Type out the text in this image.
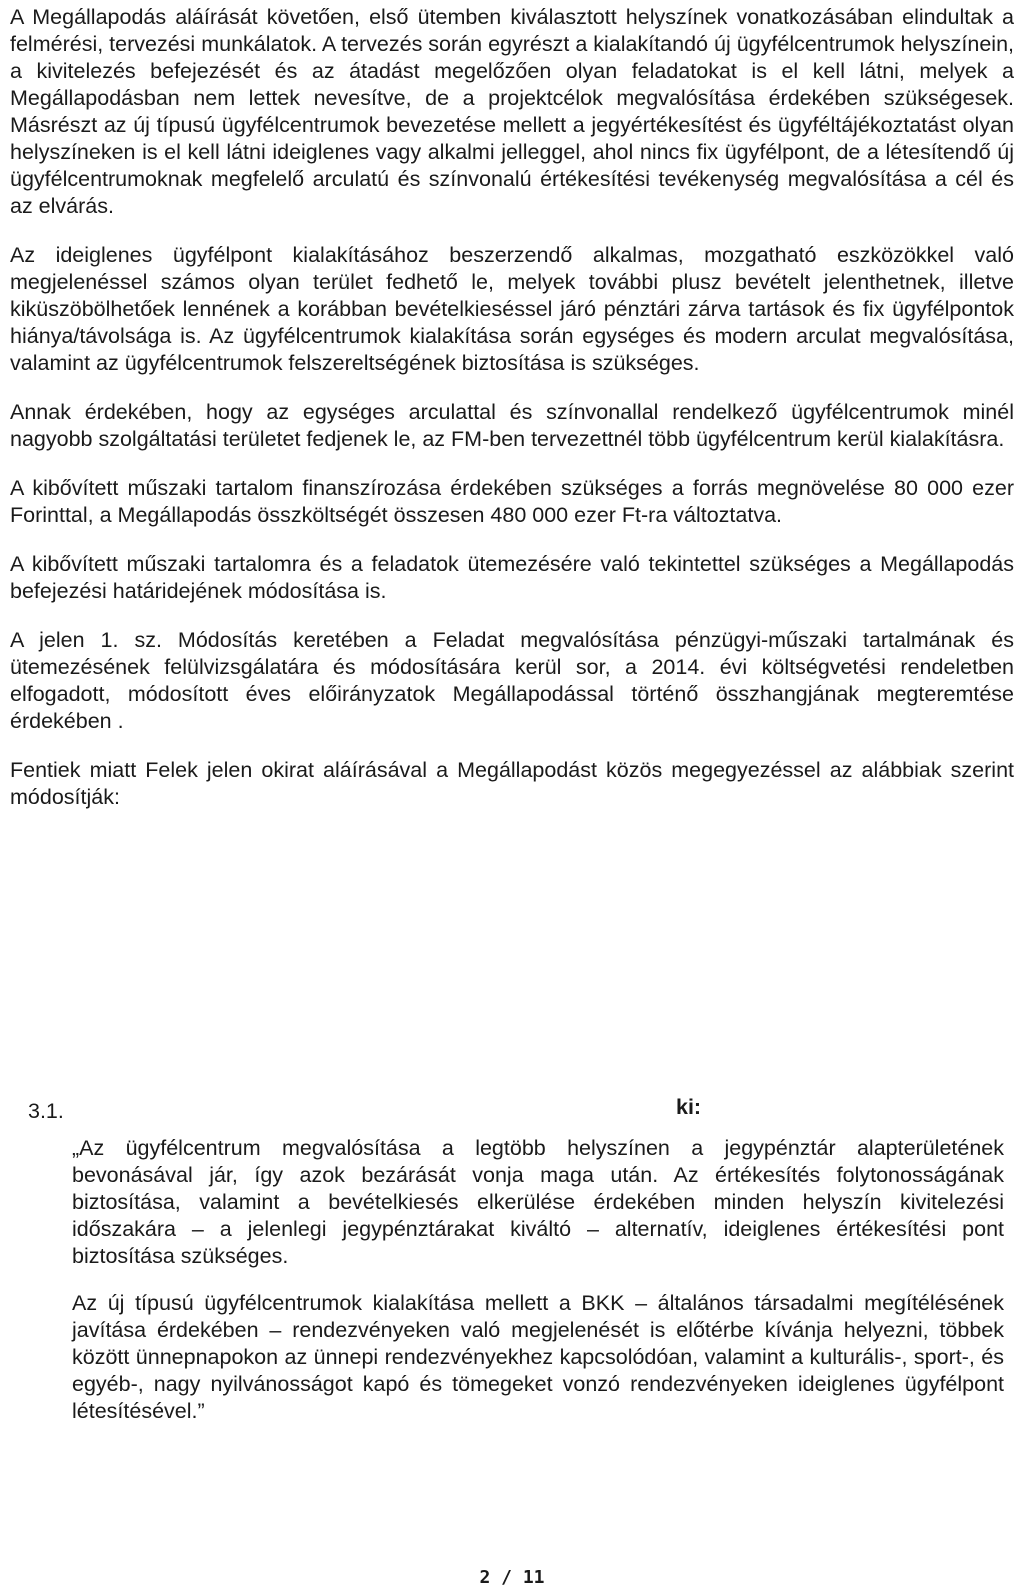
A Megállapodás aláírását követően, első ütemben kiválasztott helyszínek vonatkozásában elindultak a felmérési, tervezési munkálatok. A tervezés során egyrészt a kialakítandó új ügyfélcentrumok helyszínein, a kivitelezés befejezését és az átadást megelőzően olyan feladatokat is el kell látni, melyek a Megállapodásban nem lettek nevesítve, de a projektcélok megvalósítása érdekében szükségesek. Másrészt az új típusú ügyfélcentrumok bevezetése mellett a jegyértékesítést és ügyféltájékoztatást olyan helyszíneken is el kell látni ideiglenes vagy alkalmi jelleggel, ahol nincs fix ügyfélpont, de a létesítendő új ügyfélcentrumoknak megfelelő arculatú és színvonalú értékesítési tevékenység megvalósítása a cél és az elvárás.

Az ideiglenes ügyfélpont kialakításához beszerzendő alkalmas, mozgatható eszközökkel való megjelenéssel számos olyan terület fedhető le, melyek további plusz bevételt jelenthetnek, illetve kiküszöbölhetőek lennének a korábban bevételkieséssel járó pénztári zárva tartások és fix ügyfélpontok hiánya/távolsága is. Az ügyfélcentrumok kialakítása során egységes és modern arculat megvalósítása, valamint az ügyfélcentrumok felszereltségének biztosítása is szükséges.

Annak érdekében, hogy az egységes arculattal és színvonallal rendelkező ügyfélcentrumok minél nagyobb szolgáltatási területet fedjenek le, az FM-ben tervezettnél több ügyfélcentrum kerül kialakításra.

A kibővített műszaki tartalom finanszírozása érdekében szükséges a forrás megnövelése 80 000 ezer Forinttal, a Megállapodás összköltségét összesen 480 000 ezer Ft-ra változtatva.

A kibővített műszaki tartalomra és a feladatok ütemezésére való tekintettel szükséges a Megállapodás befejezési határidejének módosítása is.

A jelen 1. sz. Módosítás keretében a Feladat megvalósítása pénzügyi-műszaki tartalmának és ütemezésének felülvizsgálatára és módosítására kerül sor, a 2014. évi költségvetési rendeletben elfogadott, módosított éves előirányzatok Megállapodással történő összhangjának megteremtése érdekében .

Fentiek miatt Felek jelen okirat aláírásával a Megállapodást közös megegyezéssel az alábbiak szerint módosítják:

3.1.	ki:

„Az ügyfélcentrum megvalósítása a legtöbb helyszínen a jegypénztár alapterületének bevonásával jár, így azok bezárását vonja maga után. Az értékesítés folytonosságának biztosítása, valamint a bevételkiesés elkerülése érdekében minden helyszín kivitelezési időszakára – a jelenlegi jegypénztárakat kiváltó – alternatív, ideiglenes értékesítési pont biztosítása szükséges.

Az új típusú ügyfélcentrumok kialakítása mellett a BKK – általános társadalmi megítélésének javítása érdekében – rendezvényeken való megjelenését is előtérbe kívánja helyezni, többek között ünnepnapokon az ünnepi rendezvényekhez kapcsolódóan, valamint a kulturális-, sport-, és egyéb-, nagy nyilvánosságot kapó és tömegeket vonzó rendezvényeken ideiglenes ügyfélpont létesítésével.”

2 / 11
